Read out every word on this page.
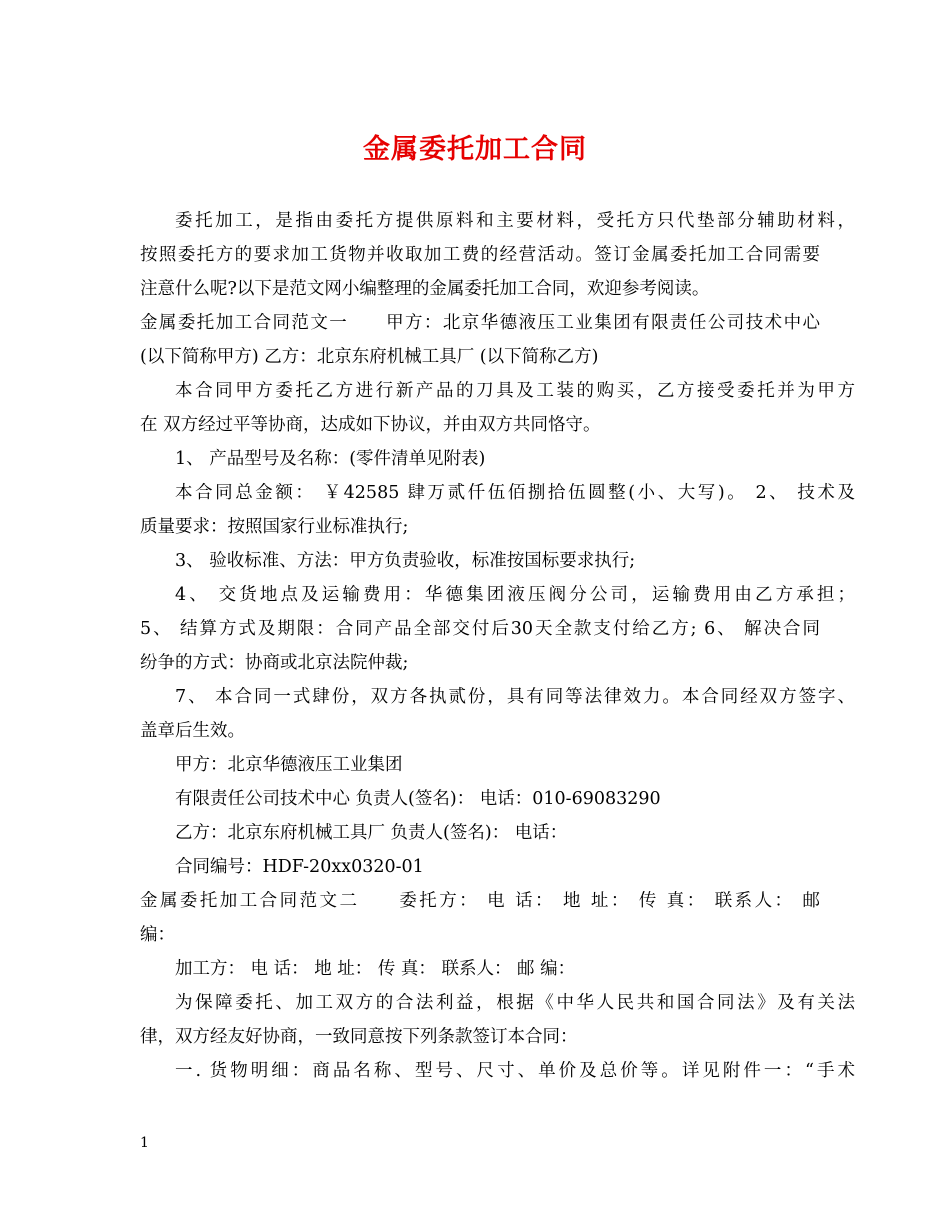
金属委托加工合同
委托加工，是指由委托方提供原料和主要材料，受托方只代垫部分辅助材料，
按照委托方的要求加工货物并收取加工费的经营活动。签订金属委托加工合同需要
注意什么呢?以下是范文网小编整理的金属委托加工合同，欢迎参考阅读。
金属委托加工合同范文一　　甲方：北京华德液压工业集团有限责任公司技术中心
(以下简称甲方) 乙方：北京东府机械工具厂 (以下简称乙方)
本合同甲方委托乙方进行新产品的刀具及工装的购买，乙方接受委托并为甲方
在 双方经过平等协商，达成如下协议，并由双方共同恪守。
1、 产品型号及名称：(零件清单见附表)
本合同总金额： ￥42585 肆万贰仟伍佰捌拾伍圆整(小、大写)。 2、 技术及
质量要求：按照国家行业标准执行;
3、 验收标准、方法：甲方负责验收，标准按国标要求执行;
4、 交货地点及运输费用：华德集团液压阀分公司，运输费用由乙方承担；
5、 结算方式及期限：合同产品全部交付后30天全款支付给乙方; 6、 解决合同
纷争的方式：协商或北京法院仲裁;
7、 本合同一式肆份，双方各执贰份，具有同等法律效力。本合同经双方签字、
盖章后生效。
甲方：北京华德液压工业集团
有限责任公司技术中心 负责人(签名)： 电话：010-69083290
乙方：北京东府机械工具厂 负责人(签名)： 电话：
合同编号：HDF-20xx0320-01
金属委托加工合同范文二　　委托方： 电 话： 地 址： 传 真： 联系人： 邮
编：
加工方： 电 话： 地 址： 传 真： 联系人： 邮 编：
为保障委托、加工双方的合法利益，根据《中华人民共和国合同法》及有关法
律，双方经友好协商，一致同意按下列条款签订本合同：
一. 货物明细：商品名称、型号、尺寸、单价及总价等。详见附件一：“手术
1
